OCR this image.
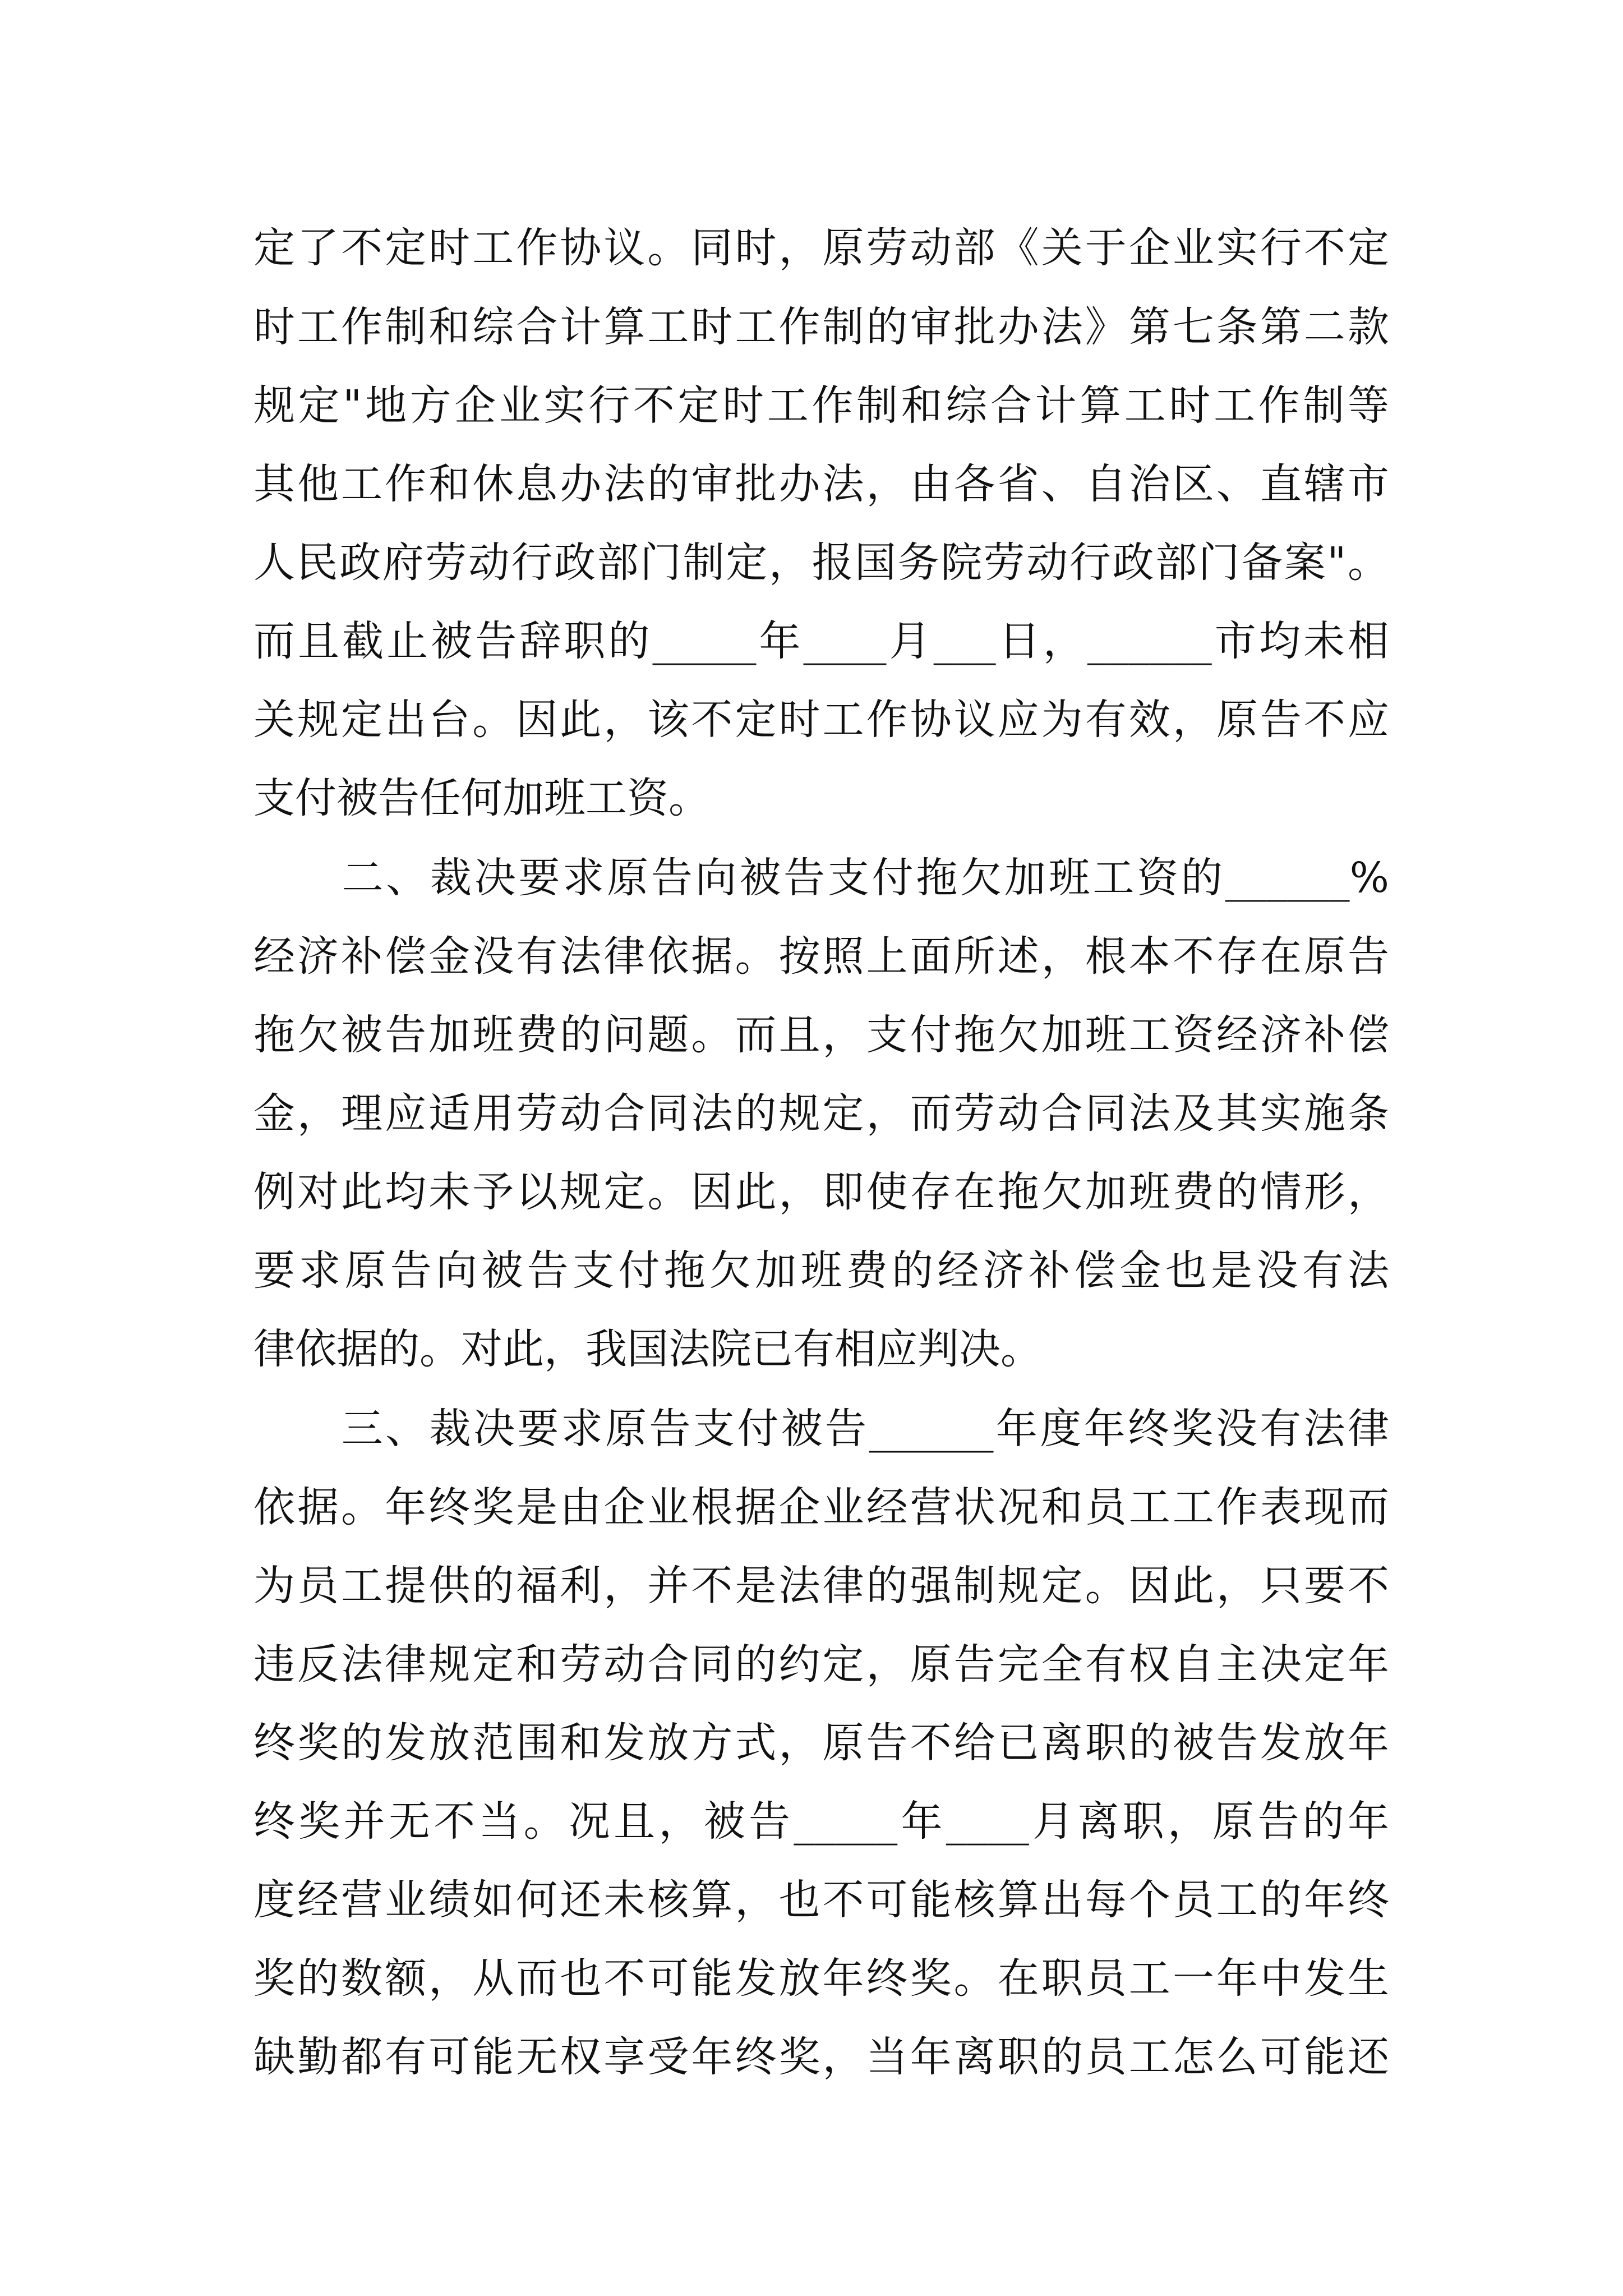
定了不定时工作协议。同时，原劳动部《关于企业实行不定
时工作制和综合计算工时工作制的审批办法》第七条第二款
规定"地方企业实行不定时工作制和综合计算工时工作制等
其他工作和休息办法的审批办法，由各省、自治区、直辖市
人民政府劳动行政部门制定，报国务院劳动行政部门备案"。
而且截止被告辞职的_____年____月___日，______市均未相
关规定出台。因此，该不定时工作协议应为有效，原告不应
支付被告任何加班工资。
　　二、裁决要求原告向被告支付拖欠加班工资的______%
经济补偿金没有法律依据。按照上面所述，根本不存在原告
拖欠被告加班费的问题。而且，支付拖欠加班工资经济补偿
金，理应适用劳动合同法的规定，而劳动合同法及其实施条
例对此均未予以规定。因此，即使存在拖欠加班费的情形，
要求原告向被告支付拖欠加班费的经济补偿金也是没有法
律依据的。对此，我国法院已有相应判决。
　　三、裁决要求原告支付被告______年度年终奖没有法律
依据。年终奖是由企业根据企业经营状况和员工工作表现而
为员工提供的福利，并不是法律的强制规定。因此，只要不
违反法律规定和劳动合同的约定，原告完全有权自主决定年
终奖的发放范围和发放方式，原告不给已离职的被告发放年
终奖并无不当。况且，被告_____年____月离职，原告的年
度经营业绩如何还未核算，也不可能核算出每个员工的年终
奖的数额，从而也不可能发放年终奖。在职员工一年中发生
缺勤都有可能无权享受年终奖，当年离职的员工怎么可能还
